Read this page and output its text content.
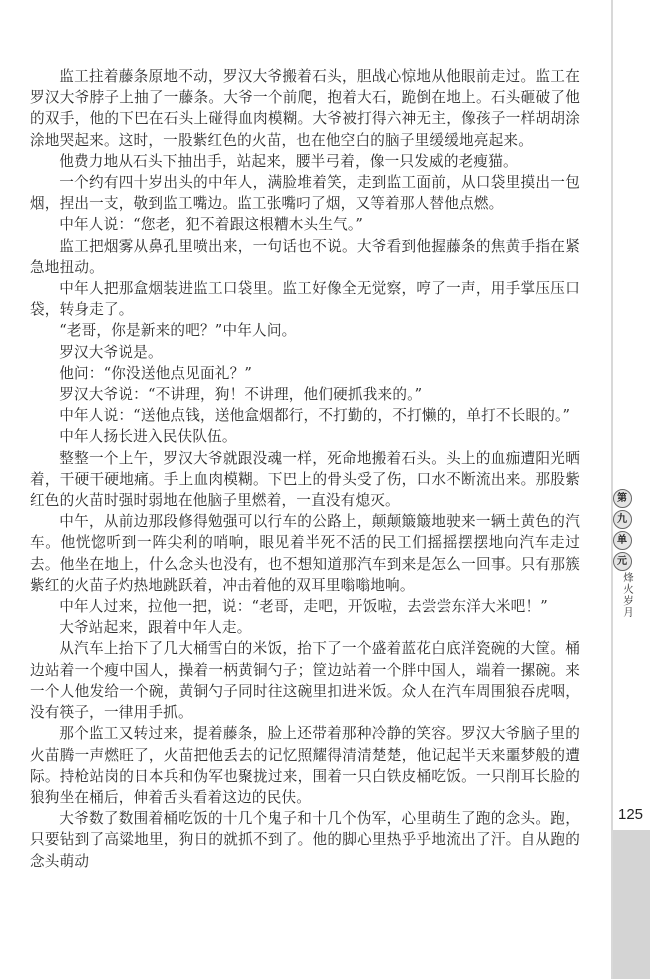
监工拄着藤条原地不动，罗汉大爷搬着石头，胆战心惊地从他眼前走过。监工在罗汉大爷脖子上抽了一藤条。大爷一个前爬，抱着大石，跪倒在地上。石头砸破了他的双手，他的下巴在石头上碰得血肉模糊。大爷被打得六神无主，像孩子一样胡胡涂涂地哭起来。这时，一股紫红色的火苗，也在他空白的脑子里缓缓地亮起来。

他费力地从石头下抽出手，站起来，腰半弓着，像一只发威的老瘦猫。

一个约有四十岁出头的中年人，满脸堆着笑，走到监工面前，从口袋里摸出一包烟，捏出一支，敬到监工嘴边。监工张嘴叼了烟，又等着那人替他点燃。

中年人说：“您老，犯不着跟这根糟木头生气。”

监工把烟雾从鼻孔里喷出来，一句话也不说。大爷看到他握藤条的焦黄手指在紧急地扭动。

中年人把那盒烟装进监工口袋里。监工好像全无觉察，哼了一声，用手掌压压口袋，转身走了。

“老哥，你是新来的吧？”中年人问。

罗汉大爷说是。

他问：“你没送他点见面礼？”

罗汉大爷说：“不讲理，狗！不讲理，他们硬抓我来的。”

中年人说：“送他点钱，送他盒烟都行，不打勤的，不打懒的，单打不长眼的。”

中年人扬长进入民伕队伍。

整整一个上午，罗汉大爷就跟没魂一样，死命地搬着石头。头上的血痂遭阳光晒着，干硬干硬地痛。手上血肉模糊。下巴上的骨头受了伤，口水不断流出来。那股紫红色的火苗时强时弱地在他脑子里燃着，一直没有熄灭。

中午，从前边那段修得勉强可以行车的公路上，颠颠簸簸地驶来一辆土黄色的汽车。他恍惚听到一阵尖利的哨响，眼见着半死不活的民工们摇摇摆摆地向汽车走过去。他坐在地上，什么念头也没有，也不想知道那汽车到来是怎么一回事。只有那簇紫红的火苗子灼热地跳跃着，冲击着他的双耳里嗡嗡地响。

中年人过来，拉他一把，说：“老哥，走吧，开饭啦，去尝尝东洋大米吧！”

大爷站起来，跟着中年人走。

从汽车上抬下了几大桶雪白的米饭，抬下了一个盛着蓝花白底洋瓷碗的大筐。桶边站着一个瘦中国人，操着一柄黄铜勺子；筐边站着一个胖中国人，端着一摞碗。来一个人他发给一个碗，黄铜勺子同时往这碗里扣进米饭。众人在汽车周围狼吞虎咽，没有筷子，一律用手抓。

那个监工又转过来，提着藤条，脸上还带着那种冷静的笑容。罗汉大爷脑子里的火苗腾一声燃旺了，火苗把他丢去的记忆照耀得清清楚楚，他记起半天来噩梦般的遭际。持枪站岗的日本兵和伪军也聚拢过来，围着一只白铁皮桶吃饭。一只削耳长脸的狼狗坐在桶后，伸着舌头看着这边的民伕。

大爷数了数围着桶吃饭的十几个鬼子和十几个伪军，心里萌生了跑的念头。跑，只要钻到了高粱地里，狗日的就抓不到了。他的脚心里热乎乎地流出了汗。自从跑的念头萌动

第
九
单
元
烽火岁月
125
